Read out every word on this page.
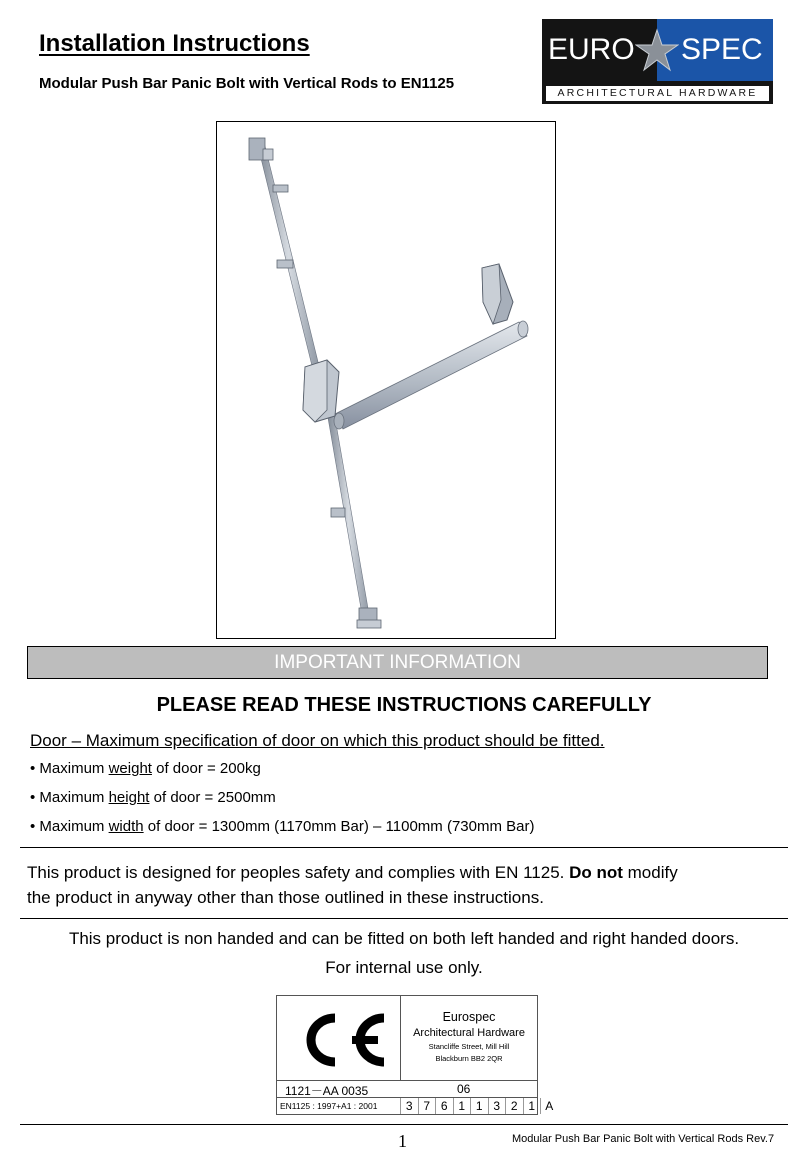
Installation Instructions
Modular Push Bar Panic Bolt with Vertical Rods to EN1125
EURO SPEC
ARCHITECTURAL HARDWARE
IMPORTANT INFORMATION
PLEASE READ THESE INSTRUCTIONS CAREFULLY
Door – Maximum specification of door on which this product should be fitted.
• Maximum weight of door = 200kg
• Maximum height of door = 2500mm
• Maximum width of door = 1300mm (1170mm Bar) – 1100mm (730mm Bar)
This product is designed for peoples safety and complies with EN 1125. Do not modify
the product in anyway other than those outlined in these instructions.
This product is non handed and can be fitted on both left handed and right handed doors.
For internal use only.
Eurospec
Architectural Hardware
Stancliffe Street, Mill Hill
Blackburn BB2 2QR
1121－AA 0035	06
EN1125 : 1997+A1 : 2001	3 7 6 1 1 3 2 1 A
1	Modular Push Bar Panic Bolt with Vertical Rods Rev.7
